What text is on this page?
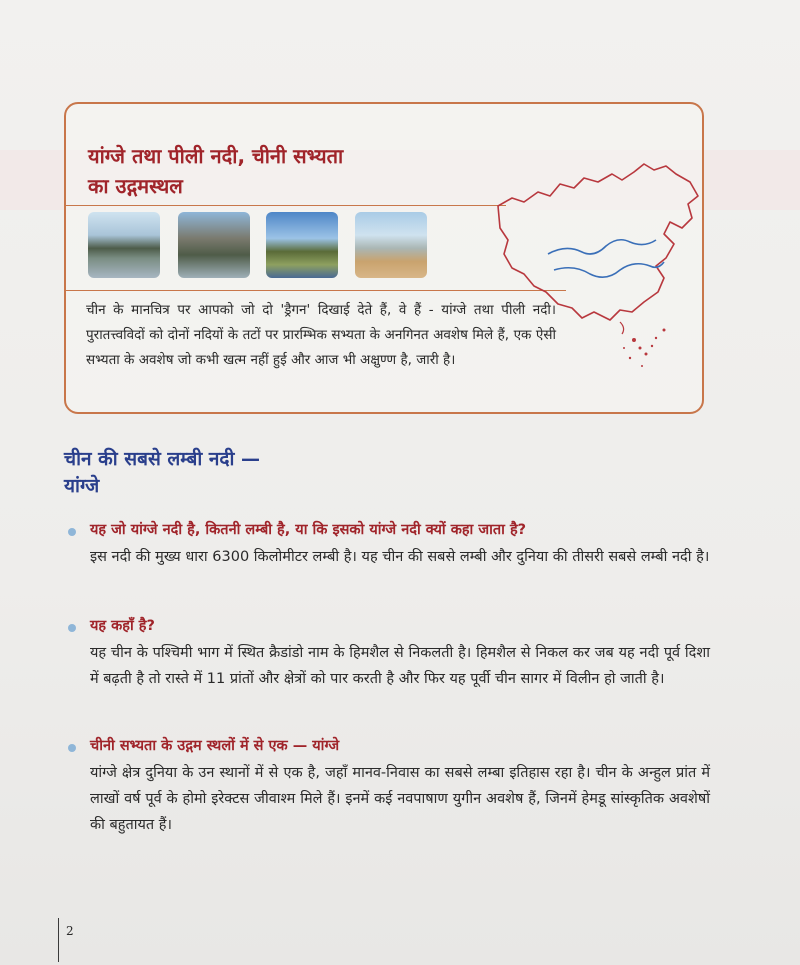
यांग्जे तथा पीली नदी, चीनी सभ्यता
का उद्गमस्थल
चीन के मानचित्र पर आपको जो दो 'ड्रैगन' दिखाई देते हैं, वे हैं - यांग्जे तथा पीली नदी। पुरातत्त्वविदों को दोनों नदियों के तटों पर प्रारम्भिक सभ्यता के अनगिनत अवशेष मिले हैं, एक ऐसी सभ्यता के अवशेष जो कभी खत्म नहीं हुई और आज भी अक्षुण्ण है, जारी है।
चीन की सबसे लम्बी नदी —
यांग्जे
यह जो यांग्जे नदी है, कितनी लम्बी है, या कि इसको यांग्जे नदी क्यों कहा जाता है?
इस नदी की मुख्य धारा 6300 किलोमीटर लम्बी है। यह चीन की सबसे लम्बी और दुनिया की तीसरी सबसे लम्बी नदी है।
यह कहाँ है?
यह चीन के पश्चिमी भाग में स्थित क्रैडांडो नाम के हिमशैल से निकलती है। हिमशैल से निकल कर जब यह नदी पूर्व दिशा में बढ़ती है तो रास्ते में 11 प्रांतों और क्षेत्रों को पार करती है और फिर यह पूर्वी चीन सागर में विलीन हो जाती है।
चीनी सभ्यता के उद्गम स्थलों में से एक — यांग्जे
यांग्जे क्षेत्र दुनिया के उन स्थानों में से एक है, जहाँ मानव-निवास का सबसे लम्बा इतिहास रहा है। चीन के अन्हुल प्रांत में लाखों वर्ष पूर्व के होमो इरेक्टस जीवाश्म मिले हैं। इनमें कई नवपाषाण युगीन अवशेष हैं, जिनमें हेमडू सांस्कृतिक अवशेषों की बहुतायत हैं।
2
